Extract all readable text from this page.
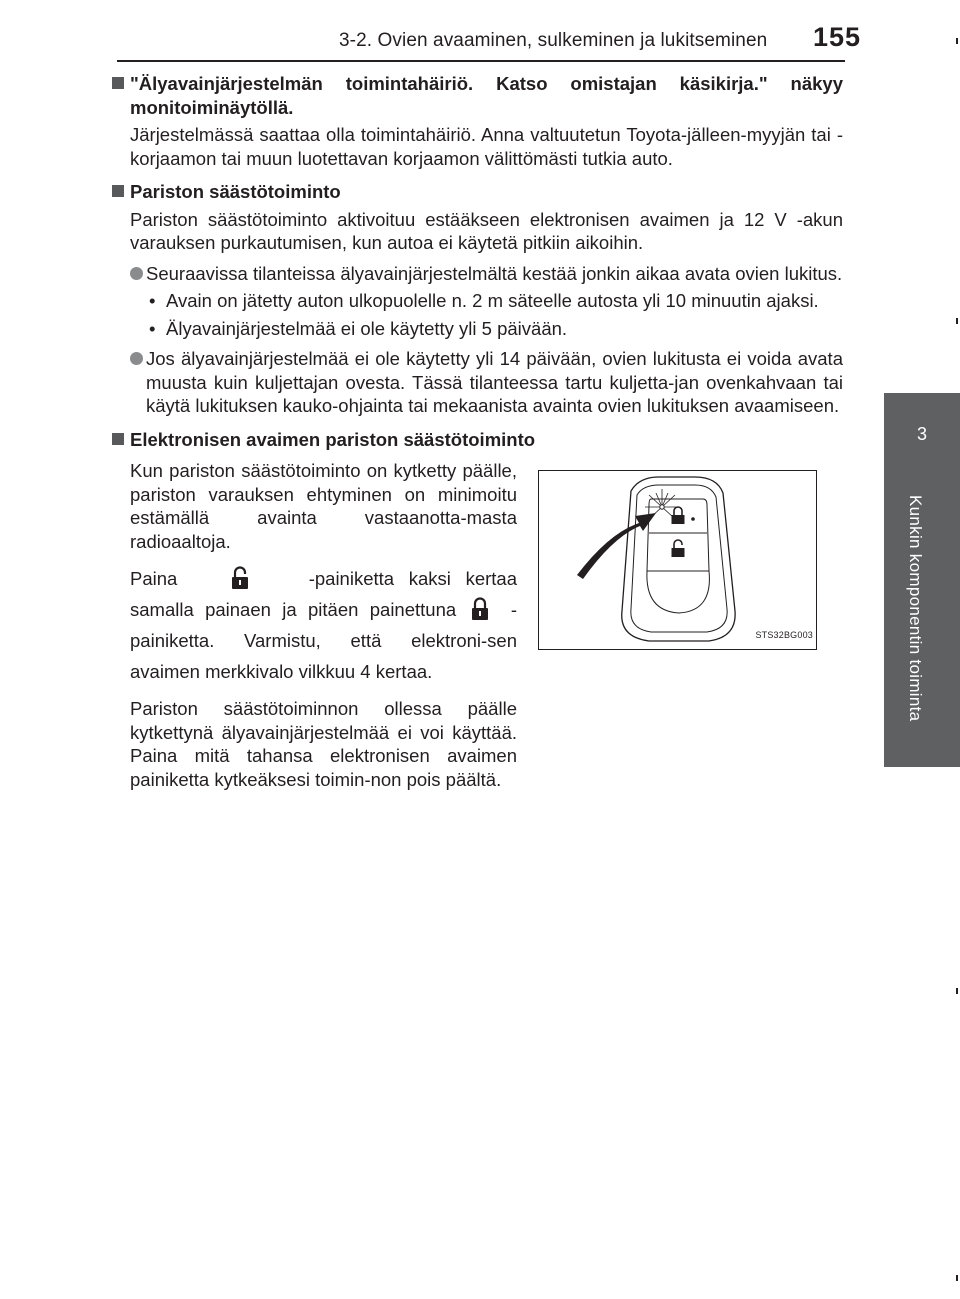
3-2. Ovien avaaminen, sulkeminen ja lukitseminen 155
3
Kunkin komponentin toiminta
"Älyavainjärjestelmän toimintahäiriö. Katso omistajan käsikirja." näkyy monitoiminäytöllä.
Järjestelmässä saattaa olla toimintahäiriö. Anna valtuutetun Toyota-jälleen-myyjän tai -korjaamon tai muun luotettavan korjaamon välittömästi tutkia auto.
Pariston säästötoiminto
Pariston säästötoiminto aktivoituu estääkseen elektronisen avaimen ja 12 V -akun varauksen purkautumisen, kun autoa ei käytetä pitkiin aikoihin.
Seuraavissa tilanteissa älyavainjärjestelmältä kestää jonkin aikaa avata ovien lukitus.
• Avain on jätetty auton ulkopuolelle n. 2 m säteelle autosta yli 10 minuutin ajaksi.
• Älyavainjärjestelmää ei ole käytetty yli 5 päivään.
Jos älyavainjärjestelmää ei ole käytetty yli 14 päivään, ovien lukitusta ei voida avata muusta kuin kuljettajan ovesta. Tässä tilanteessa tartu kuljetta-jan ovenkahvaan tai käytä lukituksen kauko-ohjainta tai mekaanista avainta ovien lukituksen avaamiseen.
Elektronisen avaimen pariston säästötoiminto
Kun pariston säästötoiminto on kytketty päälle, pariston varauksen ehtyminen on minimoitu estämällä avainta vastaanotta-masta radioaaltoja.
Paina	-painiketta kaksi kertaa samalla painaen ja pitäen painettuna	-painiketta. Varmistu, että elektroni-sen avaimen merkkivalo vilkkuu 4 kertaa.
Pariston säästötoiminnon ollessa päälle kytkettynä älyavainjärjestelmää ei voi käyttää. Paina mitä tahansa elektronisen avaimen painiketta kytkeäksesi toimin-non pois päältä.
STS32BG003
